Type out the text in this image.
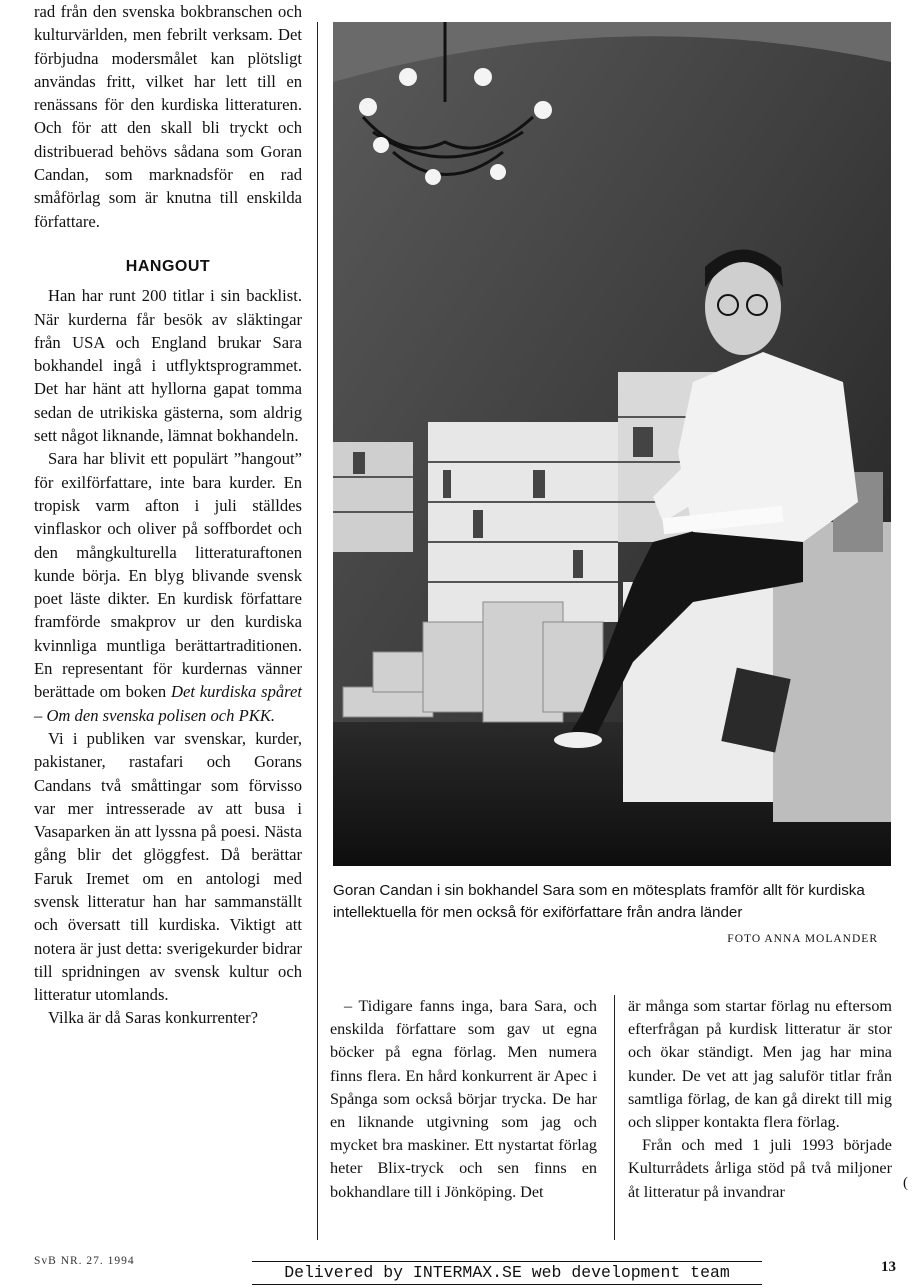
rad från den svenska bokbranschen och kulturvärlden, men febrilt verksam. Det förbjudna modersmålet kan plötsligt användas fritt, vilket har lett till en renässans för den kurdiska litteraturen. Och för att den skall bli tryckt och distribuerad behövs sådana som Goran Candan, som marknadsför en rad småförlag som är knutna till enskilda författare.

HANGOUT

Han har runt 200 titlar i sin backlist. När kurderna får besök av släktingar från USA och England brukar Sara bokhandel ingå i utflyktsprogrammet. Det har hänt att hyllorna gapat tomma sedan de utrikiska gästerna, som aldrig sett något liknande, lämnat bokhandeln.

Sara har blivit ett populärt ”hangout” för exilförfattare, inte bara kurder. En tropisk varm afton i juli ställdes vinflaskor och oliver på soffbordet och den mångkulturella litteraturaftonen kunde börja. En blyg blivande svensk poet läste dikter. En kurdisk författare framförde smakprov ur den kurdiska kvinnliga muntliga berättartraditionen. En representant för kurdernas vänner berättade om boken Det kurdiska spåret – Om den svenska polisen och PKK.

Vi i publiken var svenskar, kurder, pakistaner, rastafari och Gorans Candans två småttingar som förvisso var mer intresserade av att busa i Vasaparken än att lyssna på poesi. Nästa gång blir det glöggfest. Då berättar Faruk Iremet om en antologi med svensk litteratur han har sammanställt och översatt till kurdiska. Viktigt att notera är just detta: sverigekurder bidrar till spridningen av svensk kultur och litteratur utomlands.

Vilka är då Saras konkurrenter?

Goran Candan i sin bokhandel Sara som en mötesplats framför allt för kurdiska intellektuella för men också för exiförfattare från andra länder
FOTO ANNA MOLANDER

– Tidigare fanns inga, bara Sara, och enskilda författare som gav ut egna böcker på egna förlag. Men numera finns flera. En hård konkurrent är Apec i Spånga som också börjar trycka. De har en liknande utgivning som jag och mycket bra maskiner. Ett nystartat förlag heter Blix-tryck och sen finns en bokhandlare till i Jönköping. Det

är många som startar förlag nu eftersom efterfrågan på kurdisk litteratur är stor och ökar ständigt. Men jag har mina kunder. De vet att jag saluför titlar från samtliga förlag, de kan gå direkt till mig och slipper kontakta flera förlag.

Från och med 1 juli 1993 började Kulturrådets årliga stöd på två miljoner åt litteratur på invandrar	(
SvB NR. 27. 1994
Delivered by INTERMAX.SE web development team	13
